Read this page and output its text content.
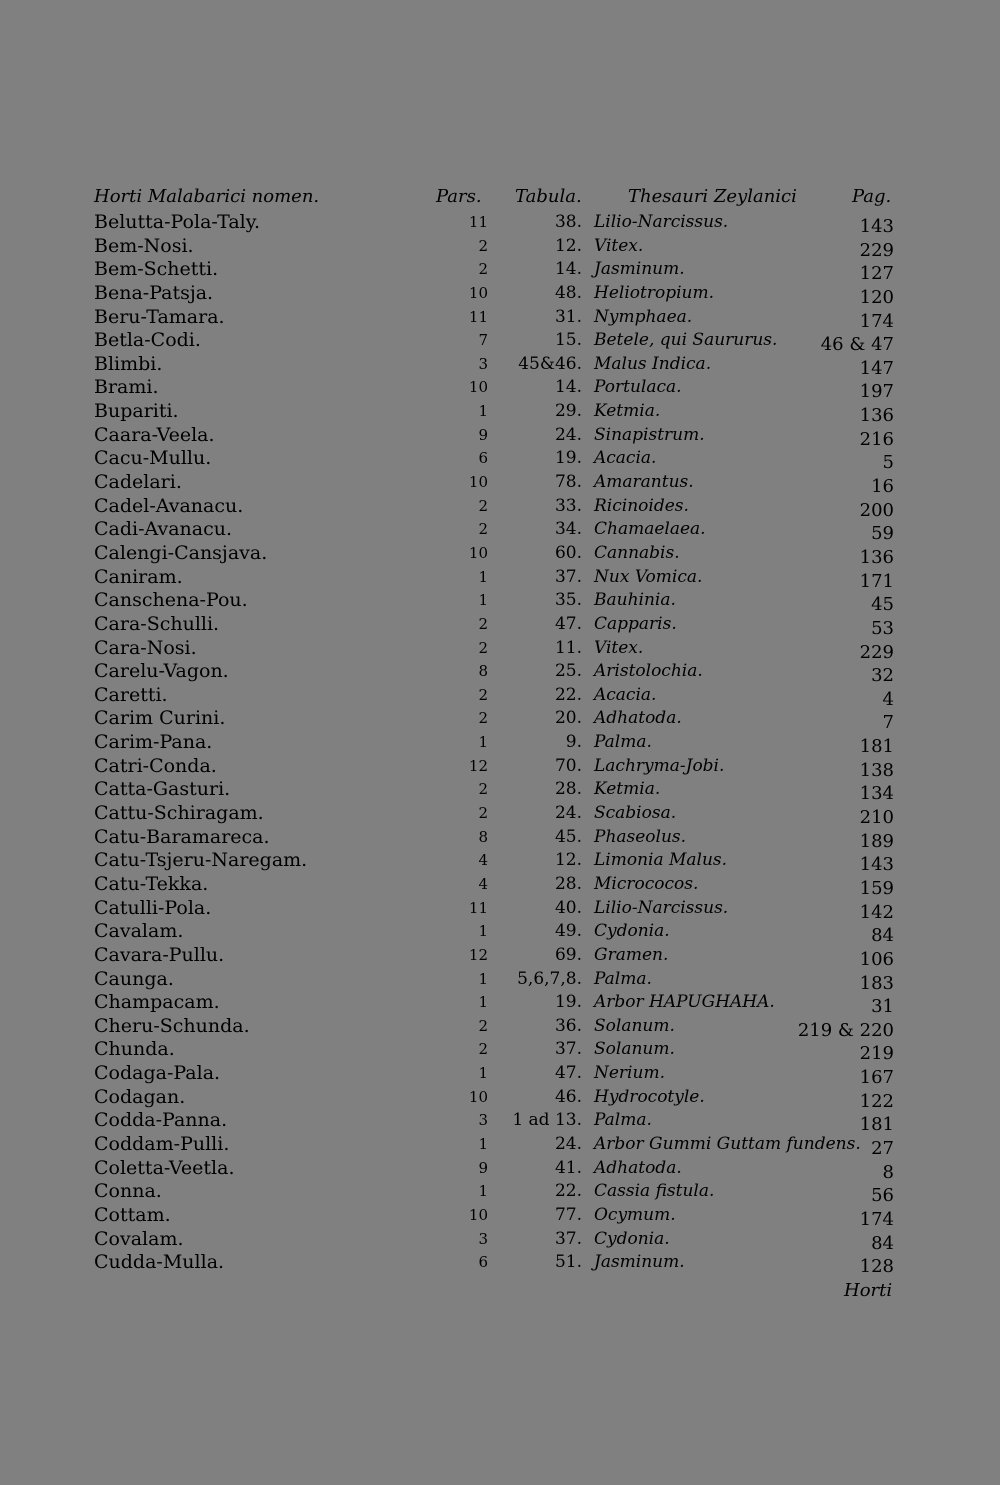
Horti Malabarici nomen.	Pars. Tabula.	Thesauri Zeylanici	Pag.
Belutta-Pola-Taly.	11	38. Lilio-Narcissus.	143
Bem-Nosi.	2	12. Vitex.	229
Bem-Schetti.	2	14. Jasminum.	127
Bena-Patsja.	10	48. Heliotropium.	120
Beru-Tamara.	11	31. Nymphaea.	174
Betla-Codi.	7	15. Betele, qui Saururus. 46 & 47
Blimbi.	3 45&46. Malus Indica.	147
Brami.	10	14. Portulaca.	197
Bupariti.	1	29. Ketmia.	136
Caara-Veela.	9	24. Sinapistrum.	216
Cacu-Mullu.	6	19. Acacia.	5
Cadelari.	10	78. Amarantus.	16
Cadel-Avanacu.	2	33. Ricinoides.	200
Cadi-Avanacu.	2	34. Chamaelaea.	59
Calengi-Cansjava.	10	60. Cannabis.	136
Caniram.	1	37. Nux Vomica.	171
Canschena-Pou.	1	35. Bauhinia.	45
Cara-Schulli.	2	47. Capparis.	53
Cara-Nosi.	2	11. Vitex.	229
Carelu-Vagon.	8	25. Aristolochia.	32
Caretti.	2	22. Acacia.	4
Carim Curini.	2	20. Adhatoda.	7
Carim-Pana.	1	9. Palma.	181
Catri-Conda.	12	70. Lachryma-Jobi.	138
Catta-Gasturi.	2	28. Ketmia.	134
Cattu-Schiragam.	2	24. Scabiosa.	210
Catu-Baramareca.	8	45. Phaseolus.	189
Catu-Tsjeru-Naregam.	4	12. Limonia Malus.	143
Catu-Tekka.	4	28. Micrococos.	159
Catulli-Pola.	11	40. Lilio-Narcissus.	142
Cavalam.	1	49. Cydonia.	84
Cavara-Pullu.	12	69. Gramen.	106
Caunga.	1 5,6,7,8. Palma.	183
Champacam.	1	19. Arbor HAPUGHAHA.	31
Cheru-Schunda.	2	36. Solanum.	219 & 220
Chunda.	2	37. Solanum.	219
Codaga-Pala.	1	47. Nerium.	167
Codagan.	10	46. Hydrocotyle.	122
Codda-Panna.	3 1 ad 13. Palma.	181
Coddam-Pulli.	1	24. Arbor Gummi Guttam fundens. 27
Coletta-Veetla.	9	41. Adhatoda.	8
Conna.	1	22. Cassia fistula.	56
Cottam.	10	77. Ocymum.	174
Covalam.	3	37. Cydonia.	84
Cudda-Mulla.	6	51. Jasminum.	128
Horti
